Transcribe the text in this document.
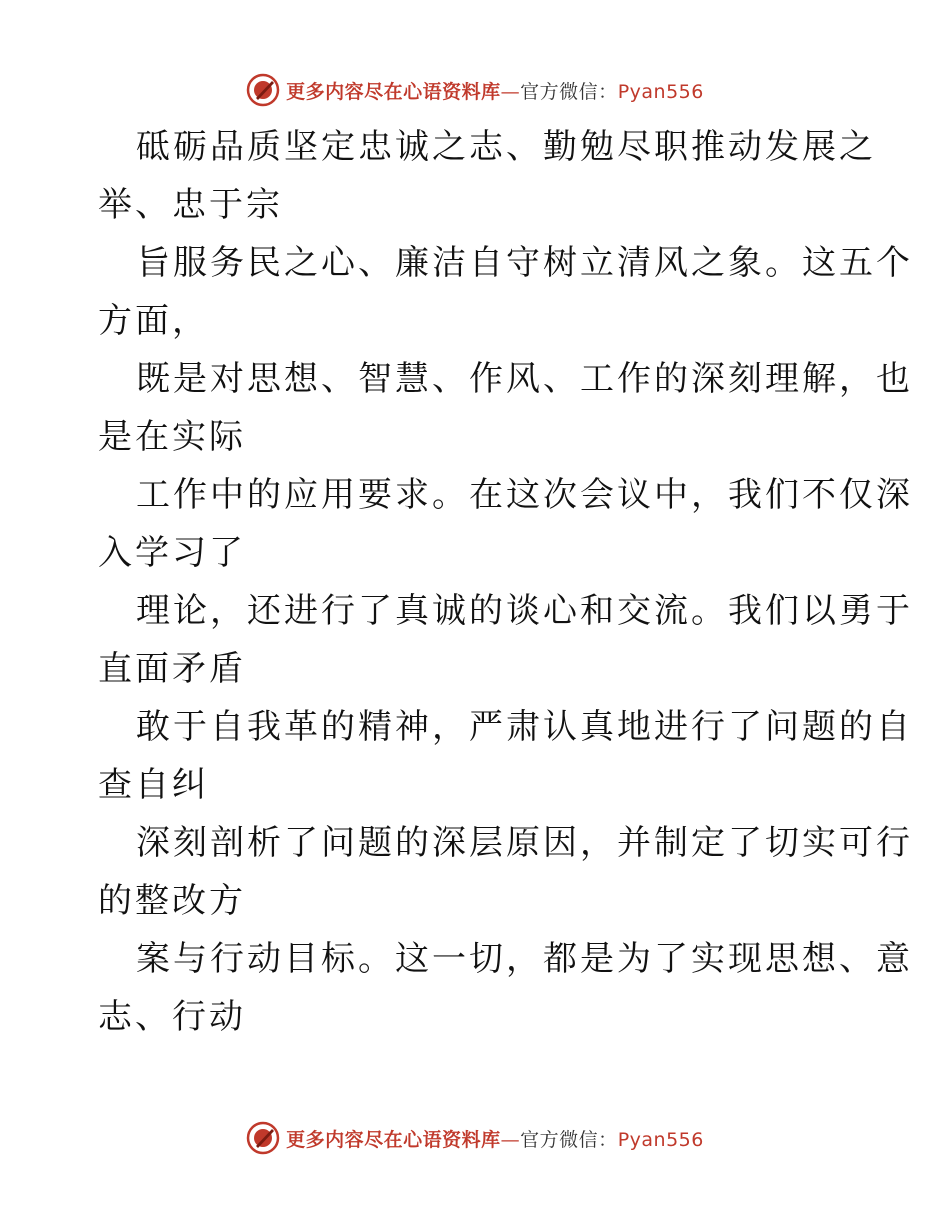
更多内容尽在心语资料库—官方微信：Pyan556
砥砺品质坚定忠诚之志、勤勉尽职推动发展之
举、忠于宗
旨服务民之心、廉洁自守树立清风之象。这五个
方面，
既是对思想、智慧、作风、工作的深刻理解，也
是在实际
工作中的应用要求。在这次会议中，我们不仅深
入学习了
理论，还进行了真诚的谈心和交流。我们以勇于
直面矛盾
敢于自我革的精神，严肃认真地进行了问题的自
查自纠
深刻剖析了问题的深层原因，并制定了切实可行
的整改方
案与行动目标。这一切，都是为了实现思想、意
志、行动
更多内容尽在心语资料库—官方微信：Pyan556
